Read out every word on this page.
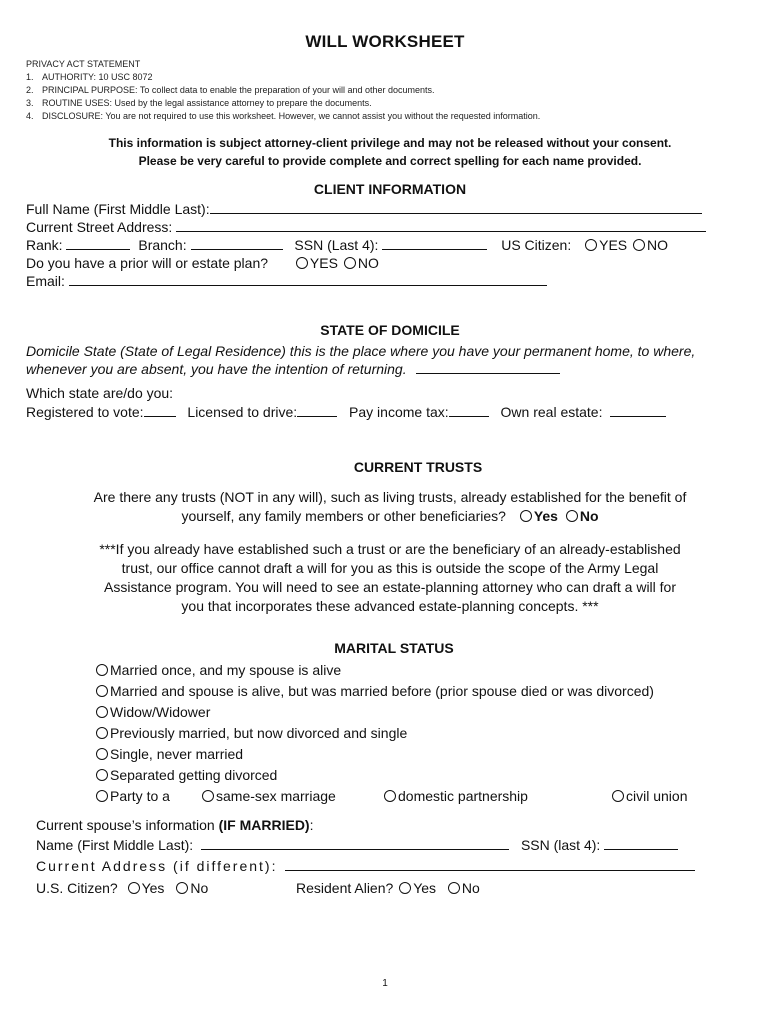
WILL WORKSHEET
PRIVACY ACT STATEMENT
1. AUTHORITY: 10 USC 8072
2. PRINCIPAL PURPOSE: To collect data to enable the preparation of your will and other documents.
3. ROUTINE USES: Used by the legal assistance attorney to prepare the documents.
4. DISCLOSURE: You are not required to use this worksheet. However, we cannot assist you without the requested information.
This information is subject attorney-client privilege and may not be released without your consent.
Please be very careful to provide complete and correct spelling for each name provided.
CLIENT INFORMATION
Full Name (First Middle Last):
Current Street Address:
Rank:	Branch:	SSN (Last 4):	US Citizen: YES NO
Do you have a prior will or estate plan?	YES NO
Email:
STATE OF DOMICILE
Domicile State (State of Legal Residence) this is the place where you have your permanent home, to where,
whenever you are absent, you have the intention of returning.
Which state are/do you:
Registered to vote:	Licensed to drive:	Pay income tax:	Own real estate:
CURRENT TRUSTS
Are there any trusts (NOT in any will), such as living trusts, already established for the benefit of
yourself, any family members or other beneficiaries? Yes No
***If you already have established such a trust or are the beneficiary of an already-established
trust, our office cannot draft a will for you as this is outside the scope of the Army Legal
Assistance program. You will need to see an estate-planning attorney who can draft a will for
you that incorporates these advanced estate-planning concepts. ***
MARITAL STATUS
Married once, and my spouse is alive
Married and spouse is alive, but was married before (prior spouse died or was divorced)
Widow/Widower
Previously married, but now divorced and single
Single, never married
Separated getting divorced
Party to a	same-sex marriage	domestic partnership	civil union
Current spouse’s information (IF MARRIED):
Name (First Middle Last):	SSN (last 4):
Current Address (if different):
U.S. Citizen? Yes No	Resident Alien? Yes No
1
